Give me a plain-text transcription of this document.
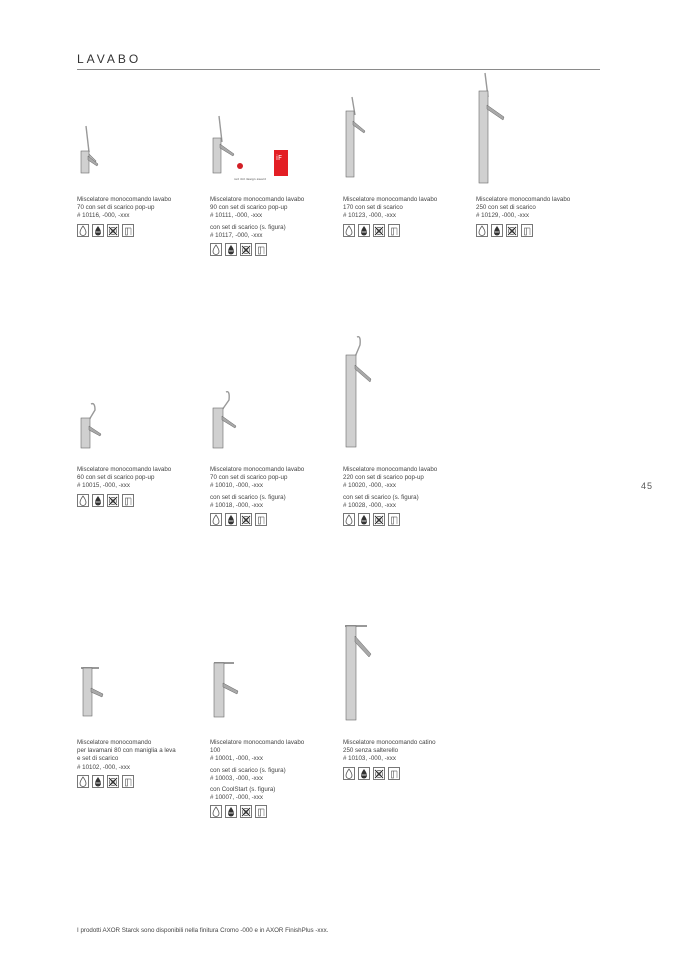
LAVABO
45
I prodotti AXOR Starck sono disponibili nella finitura Cromo -000 e in AXOR FinishPlus -xxx.
Miscelatore monocomando lavabo
70 con set di scarico pop-up
# 10116, -000, -xxx
red dot design award
iF
Miscelatore monocomando lavabo
90 con set di scarico pop-up
# 10111, -000, -xxx
con set di scarico (s. figura)
# 10117, -000, -xxx
Miscelatore monocomando lavabo
170 con set di scarico
# 10123, -000, -xxx
Miscelatore monocomando lavabo
250 con set di scarico
# 10129, -000, -xxx
Miscelatore monocomando lavabo
60 con set di scarico pop-up
# 10015, -000, -xxx
Miscelatore monocomando lavabo
70 con set di scarico pop-up
# 10010, -000, -xxx
con set di scarico (s. figura)
# 10018, -000, -xxx
Miscelatore monocomando lavabo
220 con set di scarico pop-up
# 10020, -000, -xxx
con set di scarico (s. figura)
# 10028, -000, -xxx
Miscelatore monocomando
per lavamani 80 con maniglia a leva
e set di scarico
# 10102, -000, -xxx
Miscelatore monocomando lavabo
100
# 10001, -000, -xxx
con set di scarico (s. figura)
# 10003, -000, -xxx
con CoolStart (s. figura)
# 10007, -000, -xxx
Miscelatore monocomando catino
250 senza salterello
# 10103, -000, -xxx
